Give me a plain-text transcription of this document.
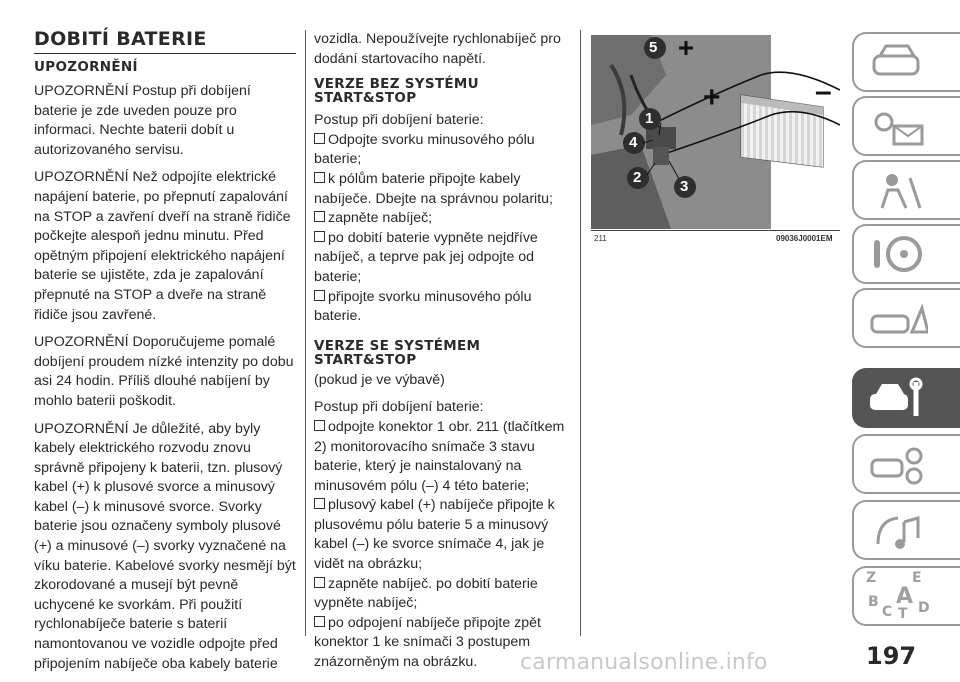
DOBITÍ BATERIE
UPOZORNĚNÍ

UPOZORNĚNÍ Postup při dobíjení baterie je zde uveden pouze pro informaci. Nechte baterii dobít u autorizovaného servisu.

UPOZORNĚNÍ Než odpojíte elektrické napájení baterie, po přepnutí zapalování na STOP a zavření dveří na straně řidiče počkejte alespoň jednu minutu. Před opětným připojení elektrického napájení baterie se ujistěte, zda je zapalování přepnuté na STOP a dveře na straně řidiče jsou zavřené.

UPOZORNĚNÍ Doporučujeme pomalé dobíjení proudem nízké intenzity po dobu asi 24 hodin. Příliš dlouhé nabíjení by mohlo baterii poškodit.

UPOZORNĚNÍ Je důležité, aby byly kabely elektrického rozvodu znovu správně připojeny k baterii, tzn. plusový kabel (+) k plusové svorce a minusový kabel (–) k minusové svorce. Svorky baterie jsou označeny symboly plusové (+) a minusové (–) svorky vyznačené na víku baterie. Kabelové svorky nesmějí být zkorodované a musejí být pevně uchycené ke svorkám. Při použití rychlonabíječe baterie s baterií namontovanou ve vozidle odpojte před připojením nabíječe oba kabely baterie

vozidla. Nepoužívejte rychlonabíječ pro dodání startovacího napětí.

VERZE BEZ SYSTÉMU
START&STOP
Postup při dobíjení baterie:
Odpojte svorku minusového pólu baterie;
k pólům baterie připojte kabely nabíječe. Dbejte na správnou polaritu;
zapněte nabíječ;
po dobití baterie vypněte nejdříve nabíječ, a teprve pak jej odpojte od baterie;
připojte svorku minusového pólu baterie.
VERZE SE SYSTÉMEM
START&STOP
(pokud je ve výbavě)
Postup při dobíjení baterie:
odpojte konektor 1 obr. 211 (tlačítkem 2) monitorovacího snímače 3 stavu baterie, který je nainstalovaný na minusovém pólu (–) 4 této baterie;
plusový kabel (+) nabíječe připojte k plusovému pólu baterie 5 a minusový kabel (–) ke svorce snímače 4, jak je vidět na obrázku;
zapněte nabíječ. po dobití baterie vypněte nabíječ;
po odpojení nabíječe připojte zpět konektor 1 ke snímači 3 postupem znázorněným na obrázku.
5
1
4
2
3
+	–
211	09036J0001EM
Z	E
B A
C T D
carmanualsonline.info	197
